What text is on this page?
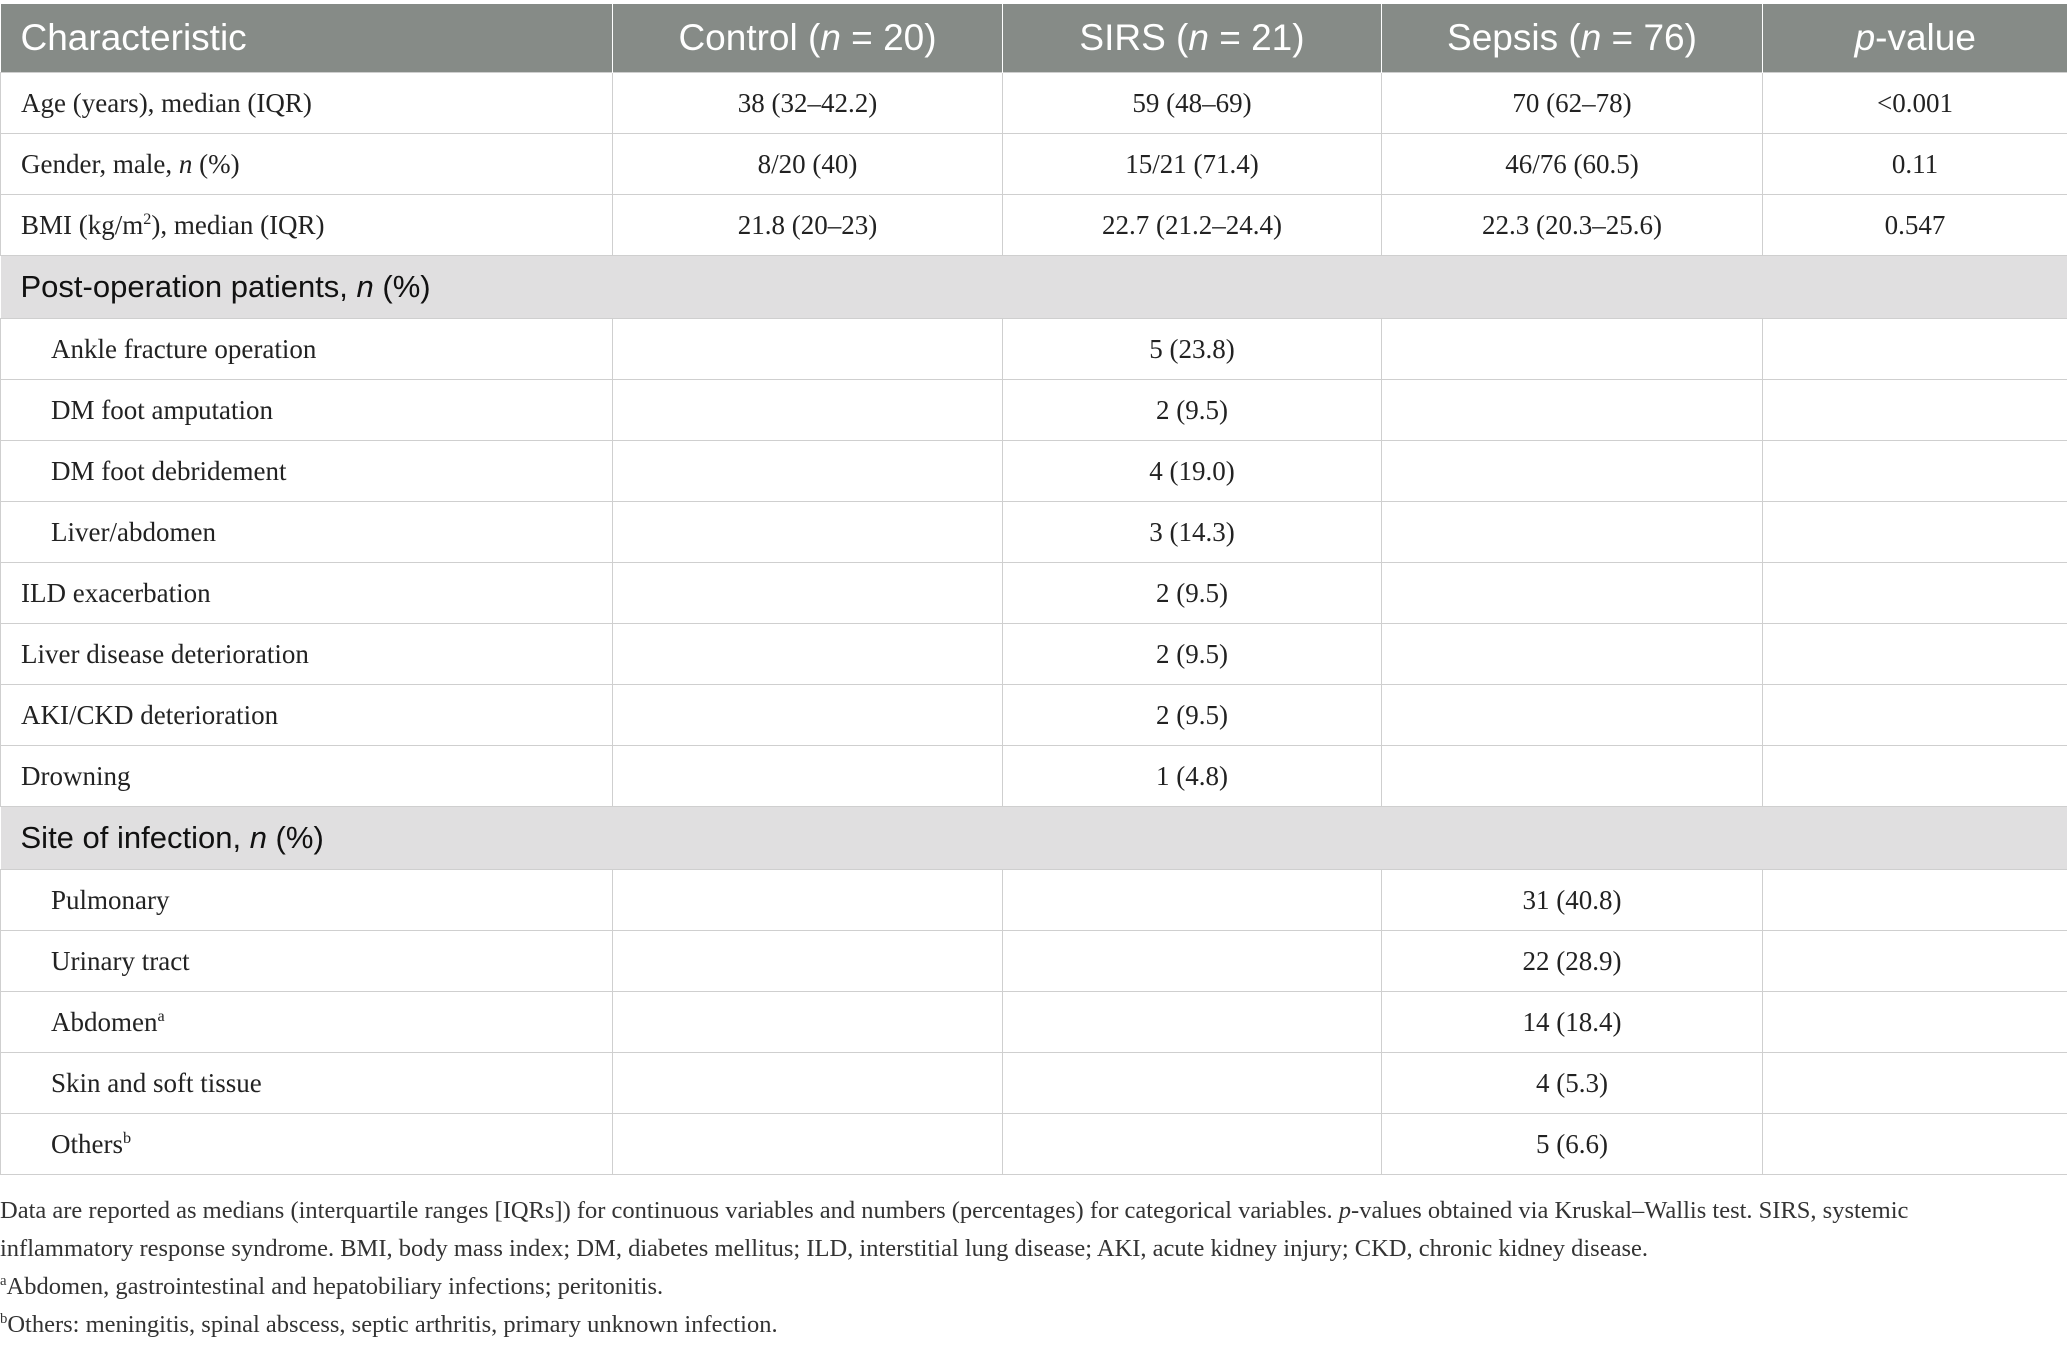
Characteristic	Control (n = 20)	SIRS (n = 21)	Sepsis (n = 76)	p-value
Age (years), median (IQR)	38 (32–42.2)	59 (48–69)	70 (62–78)	<0.001
Gender, male, n (%)	8/20 (40)	15/21 (71.4)	46/76 (60.5)	0.11
BMI $(kg/m^2)$, median (IQR)	21.8 (20–23)	22.7 (21.2–24.4)	22.3 (20.3–25.6)	0.547
Post-operation patients, n (%)				
Ankle fracture operation		5 (23.8)		
DM foot amputation		2 (9.5)		
DM foot debridement		4 (19.0)		
Liver/abdomen		3 (14.3)		
ILD exacerbation		2 (9.5)		
Liver disease deterioration		2 (9.5)		
AKI/CKD deterioration		2 (9.5)		
Drowning		1 (4.8)		
Site of infection, n (%)				
Pulmonary			31 (40.8)	
Urinary tract			22 (28.9)	
Abdomen$^a$			14 (18.4)	
Skin and soft tissue			4 (5.3)	
Others$^b$			5 (6.6)	

Data are reported as medians (interquartile ranges [IQRs]) for continuous variables and numbers (percentages) for categorical variables. p-values obtained via Kruskal–Wallis test. SIRS, systemic inflammatory response syndrome. BMI, body mass index; DM, diabetes mellitus; ILD, interstitial lung disease; AKI, acute kidney injury; CKD, chronic kidney disease.

$^a$Abdomen, gastrointestinal and hepatobiliary infections; peritonitis.

$^b$Others: meningitis, spinal abscess, septic arthritis, primary unknown infection.
